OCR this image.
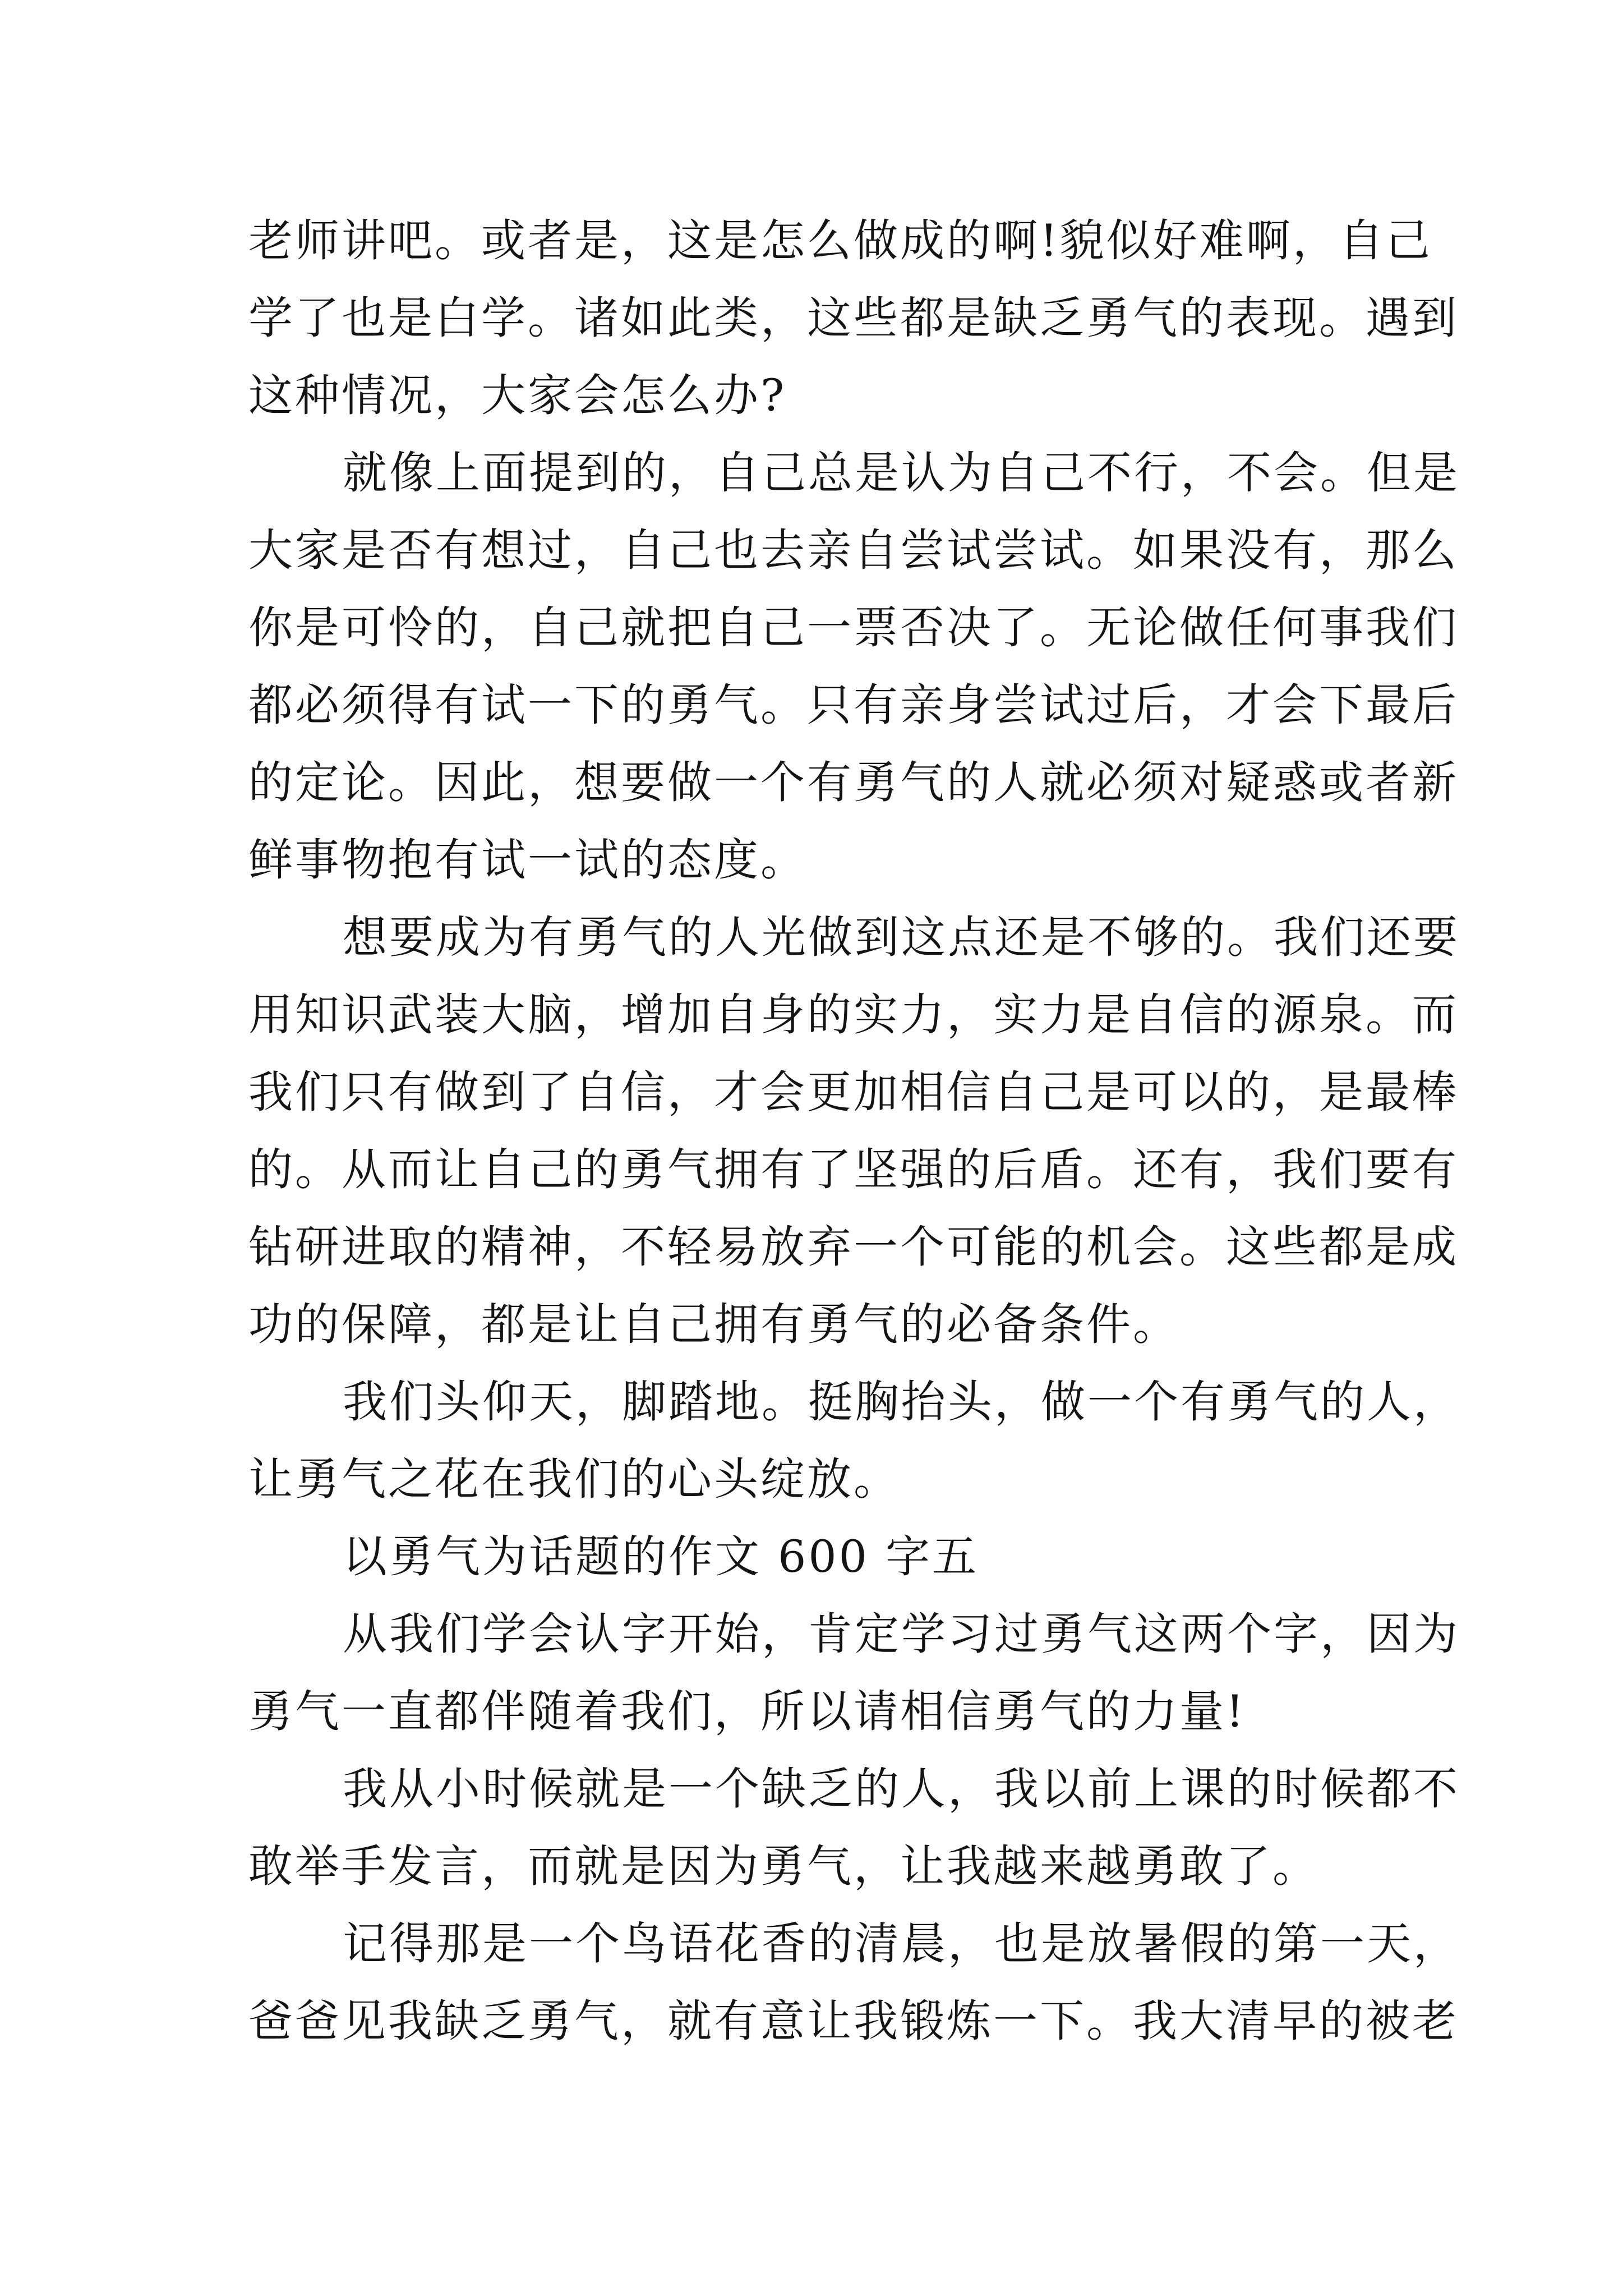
老师讲吧。或者是，这是怎么做成的啊!貌似好难啊，自己
学了也是白学。诸如此类，这些都是缺乏勇气的表现。遇到
这种情况，大家会怎么办?
就像上面提到的，自己总是认为自己不行，不会。但是
大家是否有想过，自己也去亲自尝试尝试。如果没有，那么
你是可怜的，自己就把自己一票否决了。无论做任何事我们
都必须得有试一下的勇气。只有亲身尝试过后，才会下最后
的定论。因此，想要做一个有勇气的人就必须对疑惑或者新
鲜事物抱有试一试的态度。
想要成为有勇气的人光做到这点还是不够的。我们还要
用知识武装大脑，增加自身的实力，实力是自信的源泉。而
我们只有做到了自信，才会更加相信自己是可以的，是最棒
的。从而让自己的勇气拥有了坚强的后盾。还有，我们要有
钻研进取的精神，不轻易放弃一个可能的机会。这些都是成
功的保障，都是让自己拥有勇气的必备条件。
我们头仰天，脚踏地。挺胸抬头，做一个有勇气的人，
让勇气之花在我们的心头绽放。
以勇气为话题的作文 600 字五
从我们学会认字开始，肯定学习过勇气这两个字，因为
勇气一直都伴随着我们，所以请相信勇气的力量!
我从小时候就是一个缺乏的人，我以前上课的时候都不
敢举手发言，而就是因为勇气，让我越来越勇敢了。
记得那是一个鸟语花香的清晨，也是放暑假的第一天，
爸爸见我缺乏勇气，就有意让我锻炼一下。我大清早的被老
